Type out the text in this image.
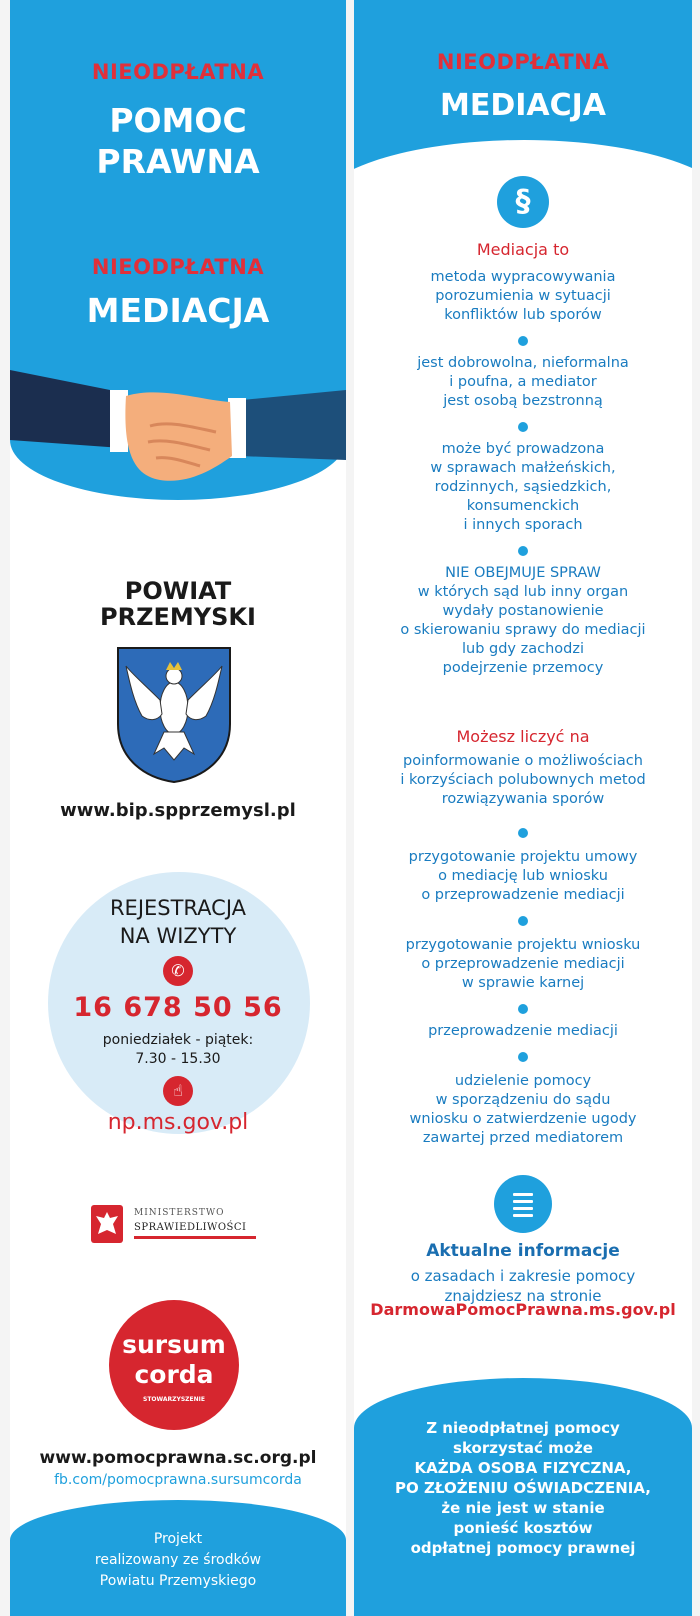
NIEODPŁATNA
POMOC
PRAWNA
NIEODPŁATNA
MEDIACJA
POWIAT
PRZEMYSKI
www.bip.spprzemysl.pl
REJESTRACJA
NA WIZYTY
✆
16 678 50 56
poniedziałek - piątek:
7.30 - 15.30
☝
np.ms.gov.pl
MINISTERSTWO
SPRAWIEDLIWOŚCI
sursum
corda
STOWARZYSZENIE
www.pomocprawna.sc.org.pl
fb.com/pomocprawna.sursumcorda
Projekt
realizowany ze środków
Powiatu Przemyskiego
NIEODPŁATNA
MEDIACJA
§
Mediacja to
metoda wypracowywania
porozumienia w sytuacji
konfliktów lub sporów
jest dobrowolna, nieformalna
i poufna, a mediator
jest osobą bezstronną
może być prowadzona
w sprawach małżeńskich,
rodzinnych, sąsiedzkich,
konsumenckich
i innych sporach
NIE OBEJMUJE SPRAW
w których sąd lub inny organ
wydały postanowienie
o skierowaniu sprawy do mediacji
lub gdy zachodzi
podejrzenie przemocy
Możesz liczyć na
poinformowanie o możliwościach
i korzyściach polubownych metod
rozwiązywania sporów
przygotowanie projektu umowy
o mediację lub wniosku
o przeprowadzenie mediacji
przygotowanie projektu wniosku
o przeprowadzenie mediacji
w sprawie karnej
przeprowadzenie mediacji
udzielenie pomocy
w sporządzeniu do sądu
wniosku o zatwierdzenie ugody
zawartej przed mediatorem
Aktualne informacje
o zasadach i zakresie pomocy
znajdziesz na stronie
DarmowaPomocPrawna.ms.gov.pl
Z nieodpłatnej pomocy
skorzystać może
KAŻDA OSOBA FIZYCZNA,
PO ZŁOŻENIU OŚWIADCZENIA,
że nie jest w stanie
ponieść kosztów
odpłatnej pomocy prawnej
